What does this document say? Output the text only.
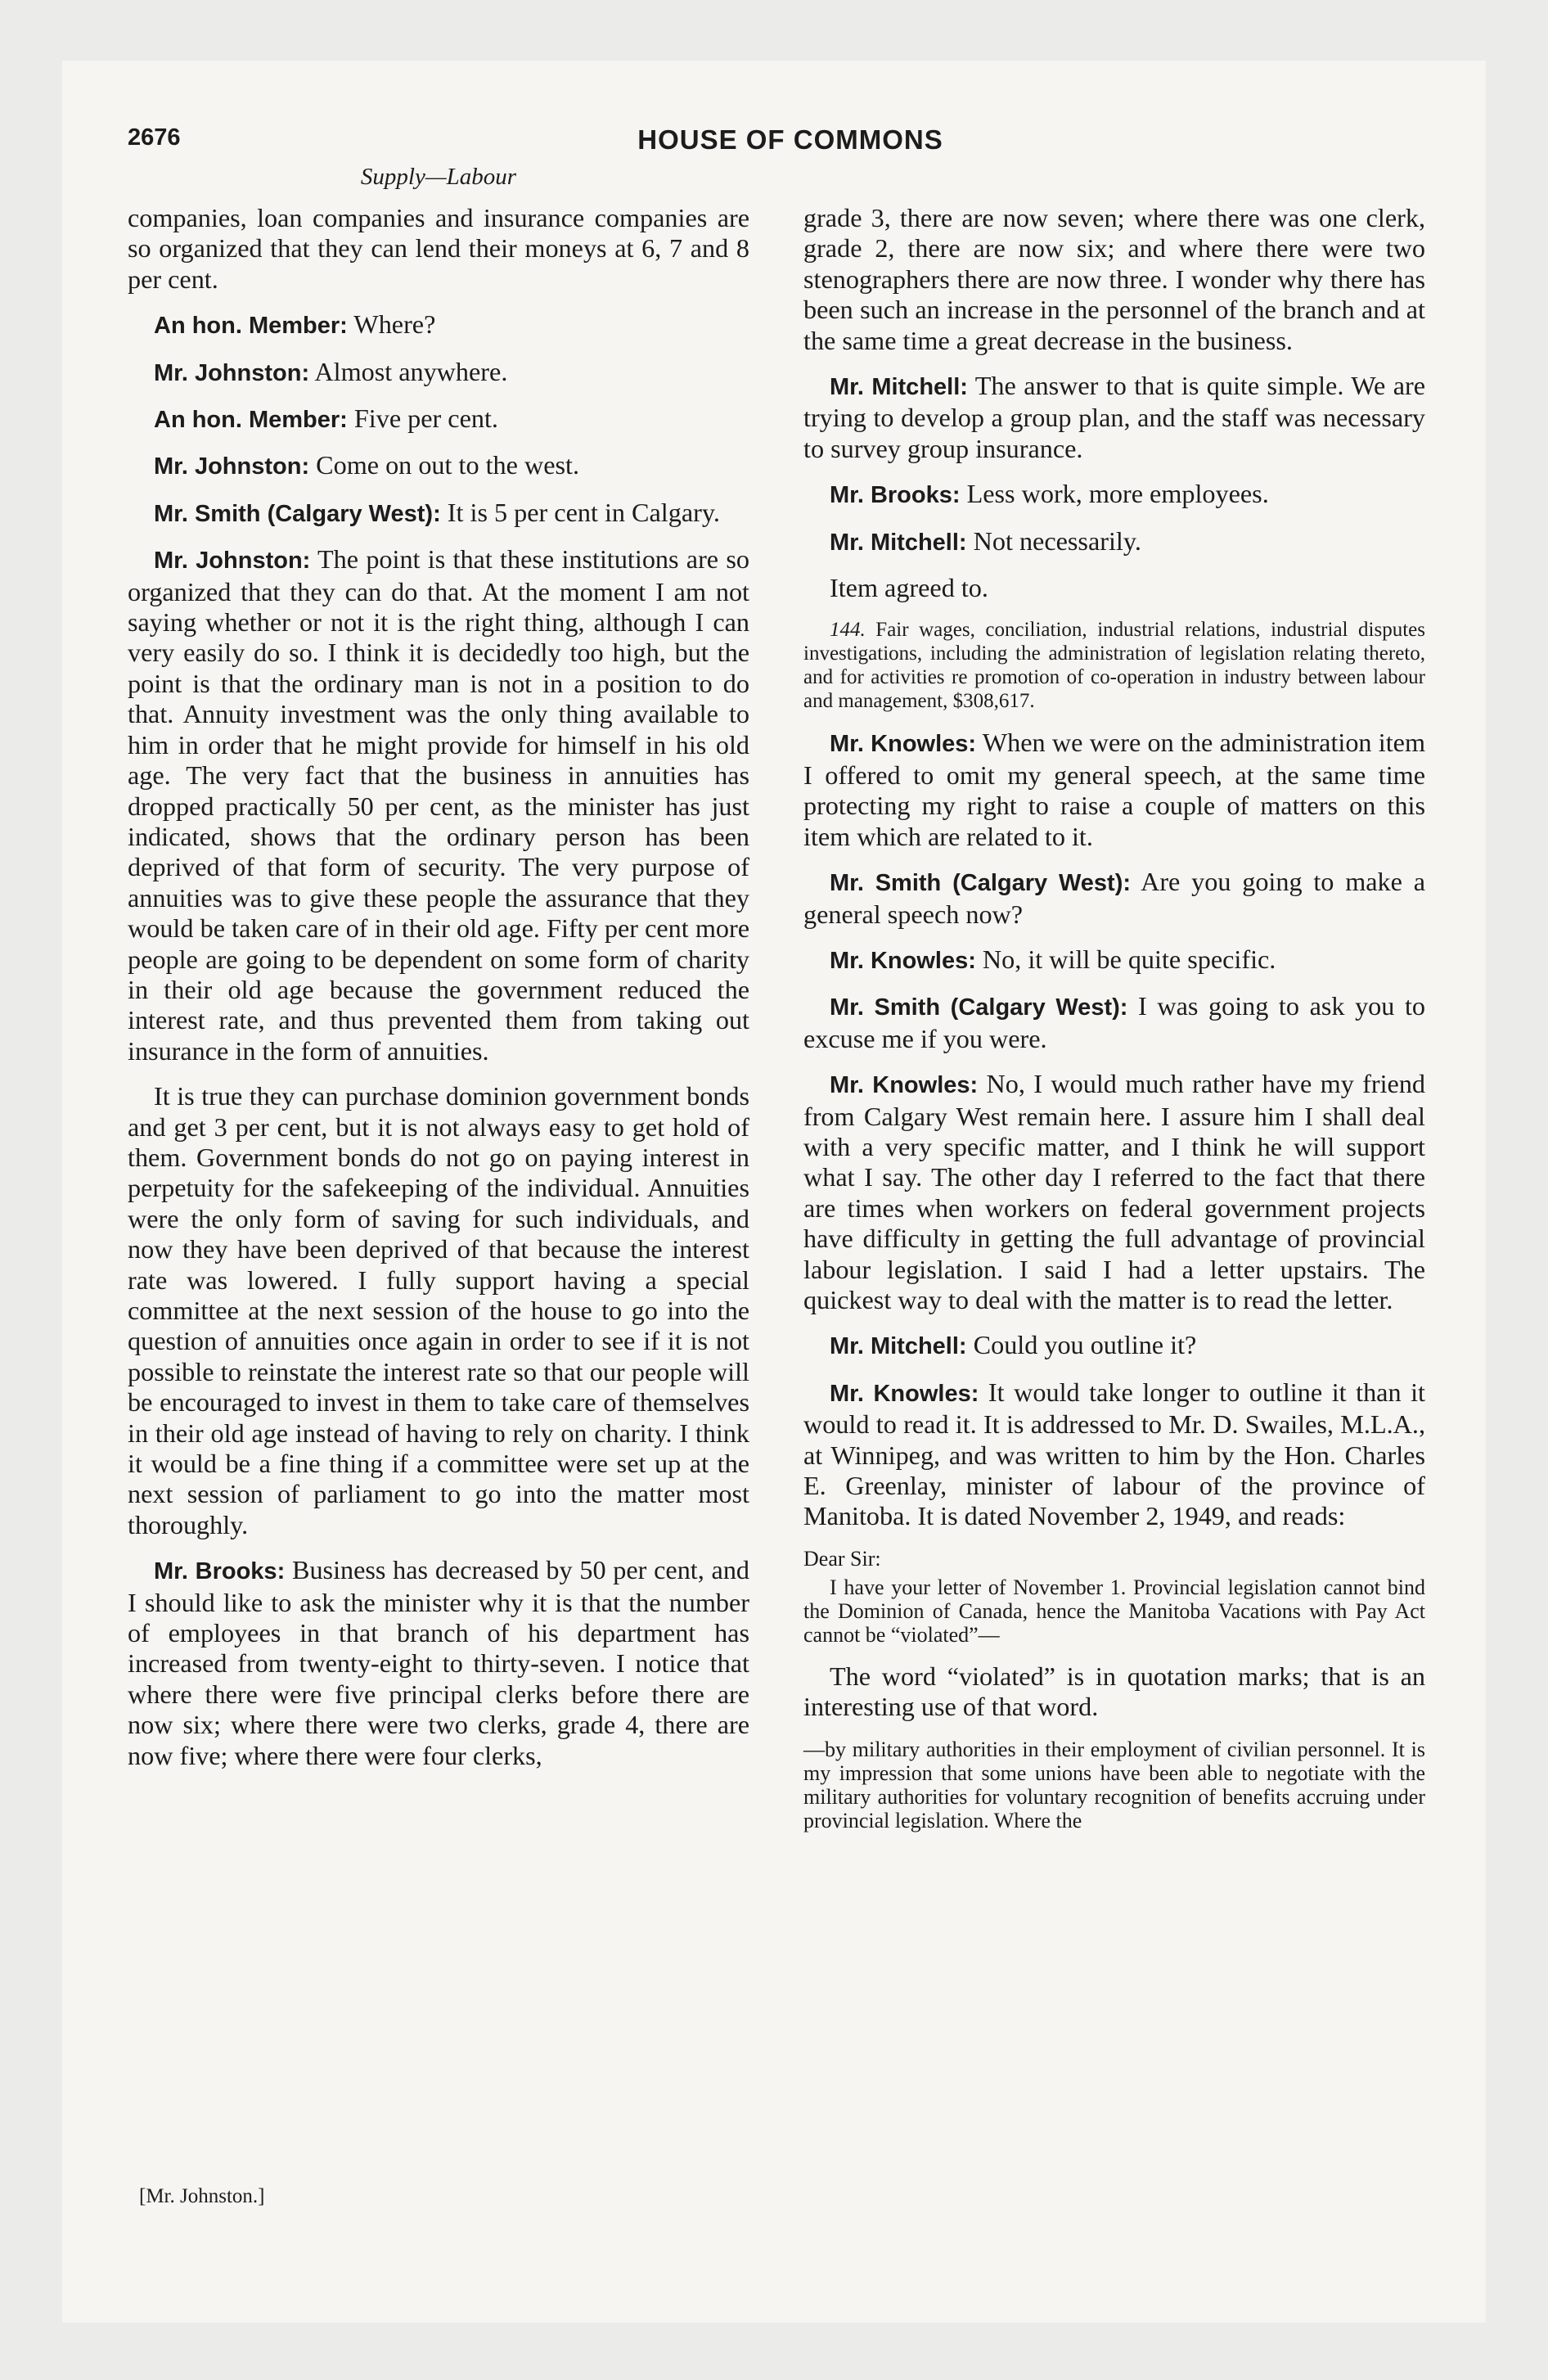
2676	HOUSE OF COMMONS
Supply—Labour

companies, loan companies and insurance companies are so organized that they can lend their moneys at 6, 7 and 8 per cent.

An hon. Member: Where?

Mr. Johnston: Almost anywhere.

An hon. Member: Five per cent.

Mr. Johnston: Come on out to the west.

Mr. Smith (Calgary West): It is 5 per cent in Calgary.

Mr. Johnston: The point is that these institutions are so organized that they can do that. At the moment I am not saying whether or not it is the right thing, although I can very easily do so. I think it is decidedly too high, but the point is that the ordinary man is not in a position to do that. Annuity investment was the only thing available to him in order that he might provide for himself in his old age. The very fact that the business in annuities has dropped practically 50 per cent, as the minister has just indicated, shows that the ordinary person has been deprived of that form of security. The very purpose of annuities was to give these people the assurance that they would be taken care of in their old age. Fifty per cent more people are going to be dependent on some form of charity in their old age because the government reduced the interest rate, and thus prevented them from taking out insurance in the form of annuities.

It is true they can purchase dominion government bonds and get 3 per cent, but it is not always easy to get hold of them. Government bonds do not go on paying interest in perpetuity for the safekeeping of the individual. Annuities were the only form of saving for such individuals, and now they have been deprived of that because the interest rate was lowered. I fully support having a special committee at the next session of the house to go into the question of annuities once again in order to see if it is not possible to reinstate the interest rate so that our people will be encouraged to invest in them to take care of themselves in their old age instead of having to rely on charity. I think it would be a fine thing if a committee were set up at the next session of parliament to go into the matter most thoroughly.

Mr. Brooks: Business has decreased by 50 per cent, and I should like to ask the minister why it is that the number of employees in that branch of his department has increased from twenty-eight to thirty-seven. I notice that where there were five principal clerks before there are now six; where there were two clerks, grade 4, there are now five; where there were four clerks,

grade 3, there are now seven; where there was one clerk, grade 2, there are now six; and where there were two stenographers there are now three. I wonder why there has been such an increase in the personnel of the branch and at the same time a great decrease in the business.

Mr. Mitchell: The answer to that is quite simple. We are trying to develop a group plan, and the staff was necessary to survey group insurance.

Mr. Brooks: Less work, more employees.

Mr. Mitchell: Not necessarily.

Item agreed to.

144. Fair wages, conciliation, industrial relations, industrial disputes investigations, including the administration of legislation relating thereto, and for activities re promotion of co-operation in industry between labour and management, $308,617.

Mr. Knowles: When we were on the administration item I offered to omit my general speech, at the same time protecting my right to raise a couple of matters on this item which are related to it.

Mr. Smith (Calgary West): Are you going to make a general speech now?

Mr. Knowles: No, it will be quite specific.

Mr. Smith (Calgary West): I was going to ask you to excuse me if you were.

Mr. Knowles: No, I would much rather have my friend from Calgary West remain here. I assure him I shall deal with a very specific matter, and I think he will support what I say. The other day I referred to the fact that there are times when workers on federal government projects have difficulty in getting the full advantage of provincial labour legislation. I said I had a letter upstairs. The quickest way to deal with the matter is to read the letter.

Mr. Mitchell: Could you outline it?

Mr. Knowles: It would take longer to outline it than it would to read it. It is addressed to Mr. D. Swailes, M.L.A., at Winnipeg, and was written to him by the Hon. Charles E. Greenlay, minister of labour of the province of Manitoba. It is dated November 2, 1949, and reads:

Dear Sir:

I have your letter of November 1. Provincial legislation cannot bind the Dominion of Canada, hence the Manitoba Vacations with Pay Act cannot be “violated”—

The word “violated” is in quotation marks; that is an interesting use of that word.

—by military authorities in their employment of civilian personnel. It is my impression that some unions have been able to negotiate with the military authorities for voluntary recognition of benefits accruing under provincial legislation. Where the

[Mr. Johnston.]
